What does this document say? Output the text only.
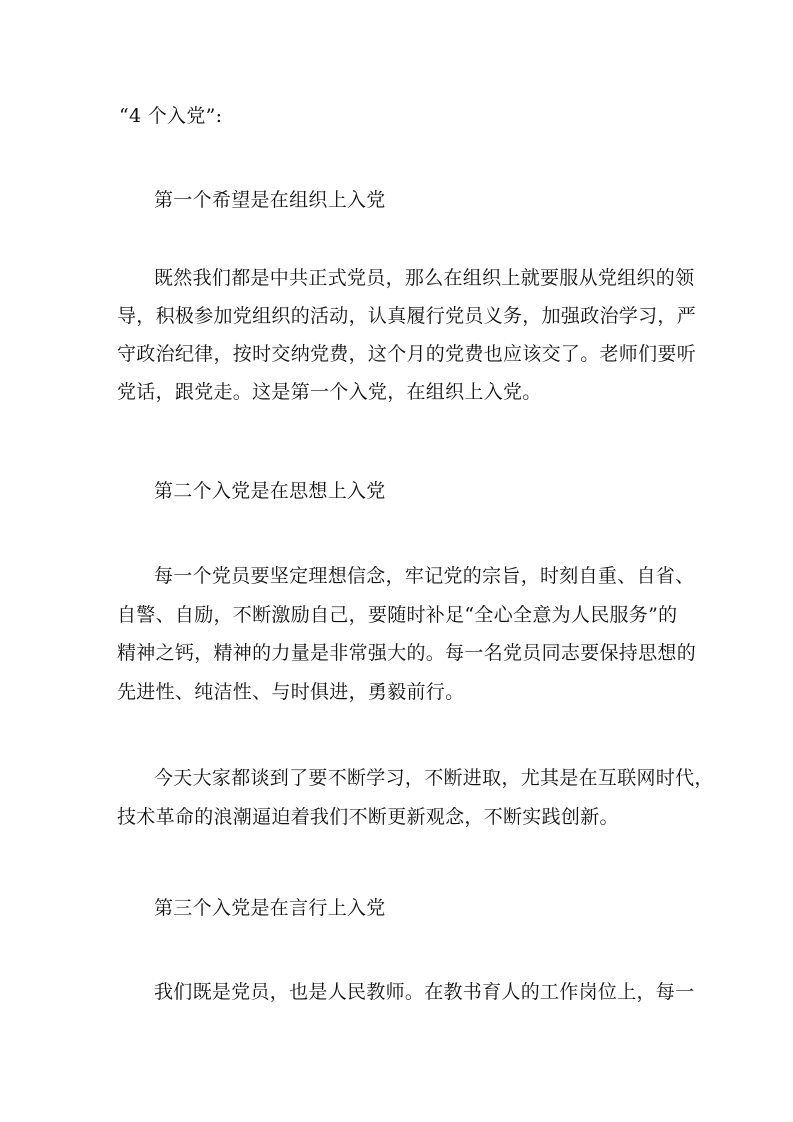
“4 个入党”:
第一个希望是在组织上入党
既然我们都是中共正式党员，那么在组织上就要服从党组织的领
导，积极参加党组织的活动，认真履行党员义务，加强政治学习，严
守政治纪律，按时交纳党费，这个月的党费也应该交了。老师们要听
党话，跟党走。这是第一个入党，在组织上入党。
第二个入党是在思想上入党
每一个党员要坚定理想信念，牢记党的宗旨，时刻自重、自省、
自警、自励，不断激励自己，要随时补足“全心全意为人民服务”的
精神之钙，精神的力量是非常强大的。每一名党员同志要保持思想的
先进性、纯洁性、与时俱进，勇毅前行。
今天大家都谈到了要不断学习，不断进取，尤其是在互联网时代，
技术革命的浪潮逼迫着我们不断更新观念，不断实践创新。
第三个入党是在言行上入党
我们既是党员，也是人民教师。在教书育人的工作岗位上，每一
